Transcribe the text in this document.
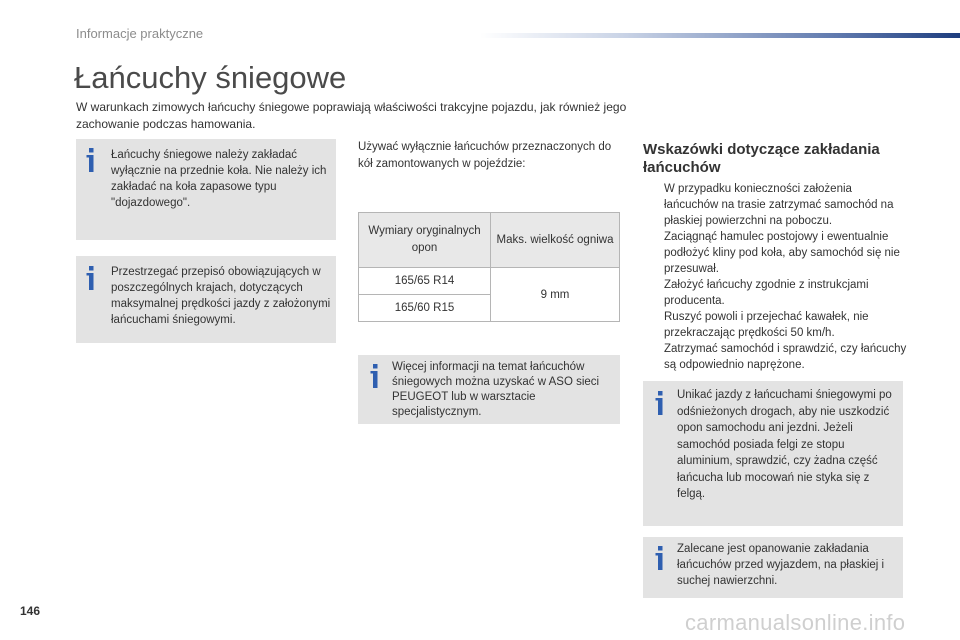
Informacje praktyczne
Łańcuchy śniegowe
W warunkach zimowych łańcuchy śniegowe poprawiają właściwości trakcyjne pojazdu, jak również jego zachowanie podczas hamowania.
Łańcuchy śniegowe należy zakładać wyłącznie na przednie koła. Nie należy ich zakładać na koła zapasowe typu "dojazdowego".
Przestrzegać przepisó obowiązujących w poszczególnych krajach, dotyczących maksymalnej prędkości jazdy z założonymi łańcuchami śniegowymi.
Używać wyłącznie łańcuchów przeznaczonych do kół zamontowanych w pojeździe:
Wymiary oryginalnych opon	Maks. wielkość ogniwa
165/65 R14	9 mm
165/60 R15	
Więcej informacji na temat łańcuchów śniegowych można uzyskać w ASO sieci PEUGEOT lub w warsztacie specjalistycznym.
Wskazówki dotyczące zakładania łańcuchów
W przypadku konieczności założenia łańcuchów na trasie zatrzymać samochód na płaskiej powierzchni na poboczu.
Zaciągnąć hamulec postojowy i ewentualnie podłożyć kliny pod koła, aby samochód się nie przesuwał.
Założyć łańcuchy zgodnie z instrukcjami producenta.
Ruszyć powoli i przejechać kawałek, nie przekraczając prędkości 50 km/h.
Zatrzymać samochód i sprawdzić, czy łańcuchy są odpowiednio naprężone.
Unikać jazdy z łańcuchami śniegowymi po odśnieżonych drogach, aby nie uszkodzić opon samochodu ani jezdni. Jeżeli samochód posiada felgi ze stopu aluminium, sprawdzić, czy żadna część łańcucha lub mocowań nie styka się z felgą.
Zalecane jest opanowanie zakładania łańcuchów przed wyjazdem, na płaskiej i suchej nawierzchni.
146	carmanualsonline.info
